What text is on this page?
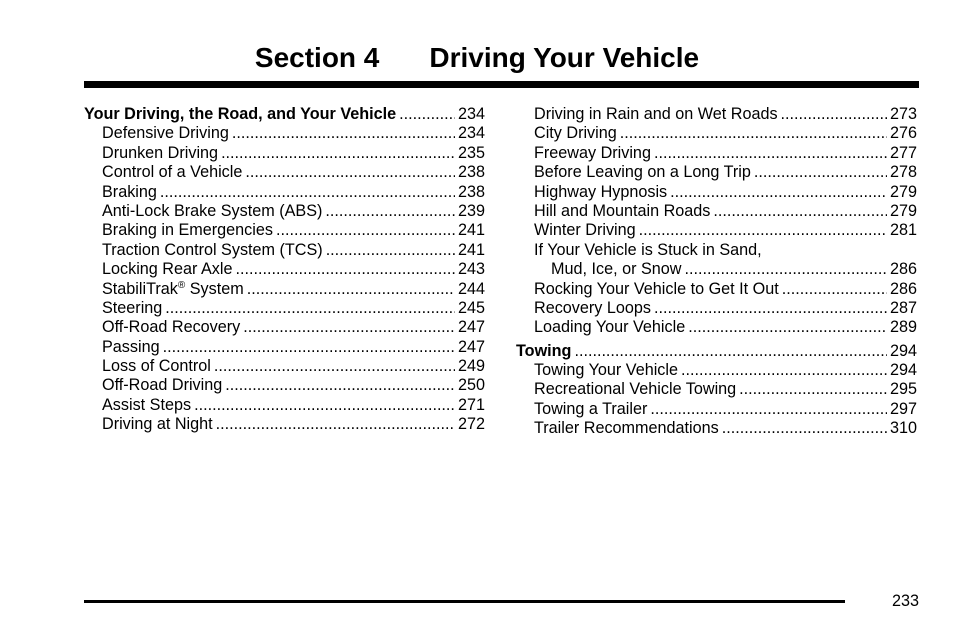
Section 4 Driving Your Vehicle
Your Driving, the Road, and Your Vehicle .....	234
Defensive Driving .....	234
Drunken Driving .....	235
Control of a Vehicle .....	238
Braking .....	238
Anti-Lock Brake System (ABS) .....	239
Braking in Emergencies .....	241
Traction Control System (TCS) .....	241
Locking Rear Axle .....	243
StabiliTrak® System .....	244
Steering .....	245
Off-Road Recovery .....	247
Passing .....	247
Loss of Control .....	249
Off-Road Driving .....	250
Assist Steps .....	271
Driving at Night .....	272
Driving in Rain and on Wet Roads .....	273
City Driving .....	276
Freeway Driving .....	277
Before Leaving on a Long Trip .....	278
Highway Hypnosis .....	279
Hill and Mountain Roads .....	279
Winter Driving .....	281
If Your Vehicle is Stuck in Sand,
Mud, Ice, or Snow .....	286
Rocking Your Vehicle to Get It Out .....	286
Recovery Loops .....	287
Loading Your Vehicle .....	289
Towing .....	294
Towing Your Vehicle .....	294
Recreational Vehicle Towing .....	295
Towing a Trailer .....	297
Trailer Recommendations .....	310
233
